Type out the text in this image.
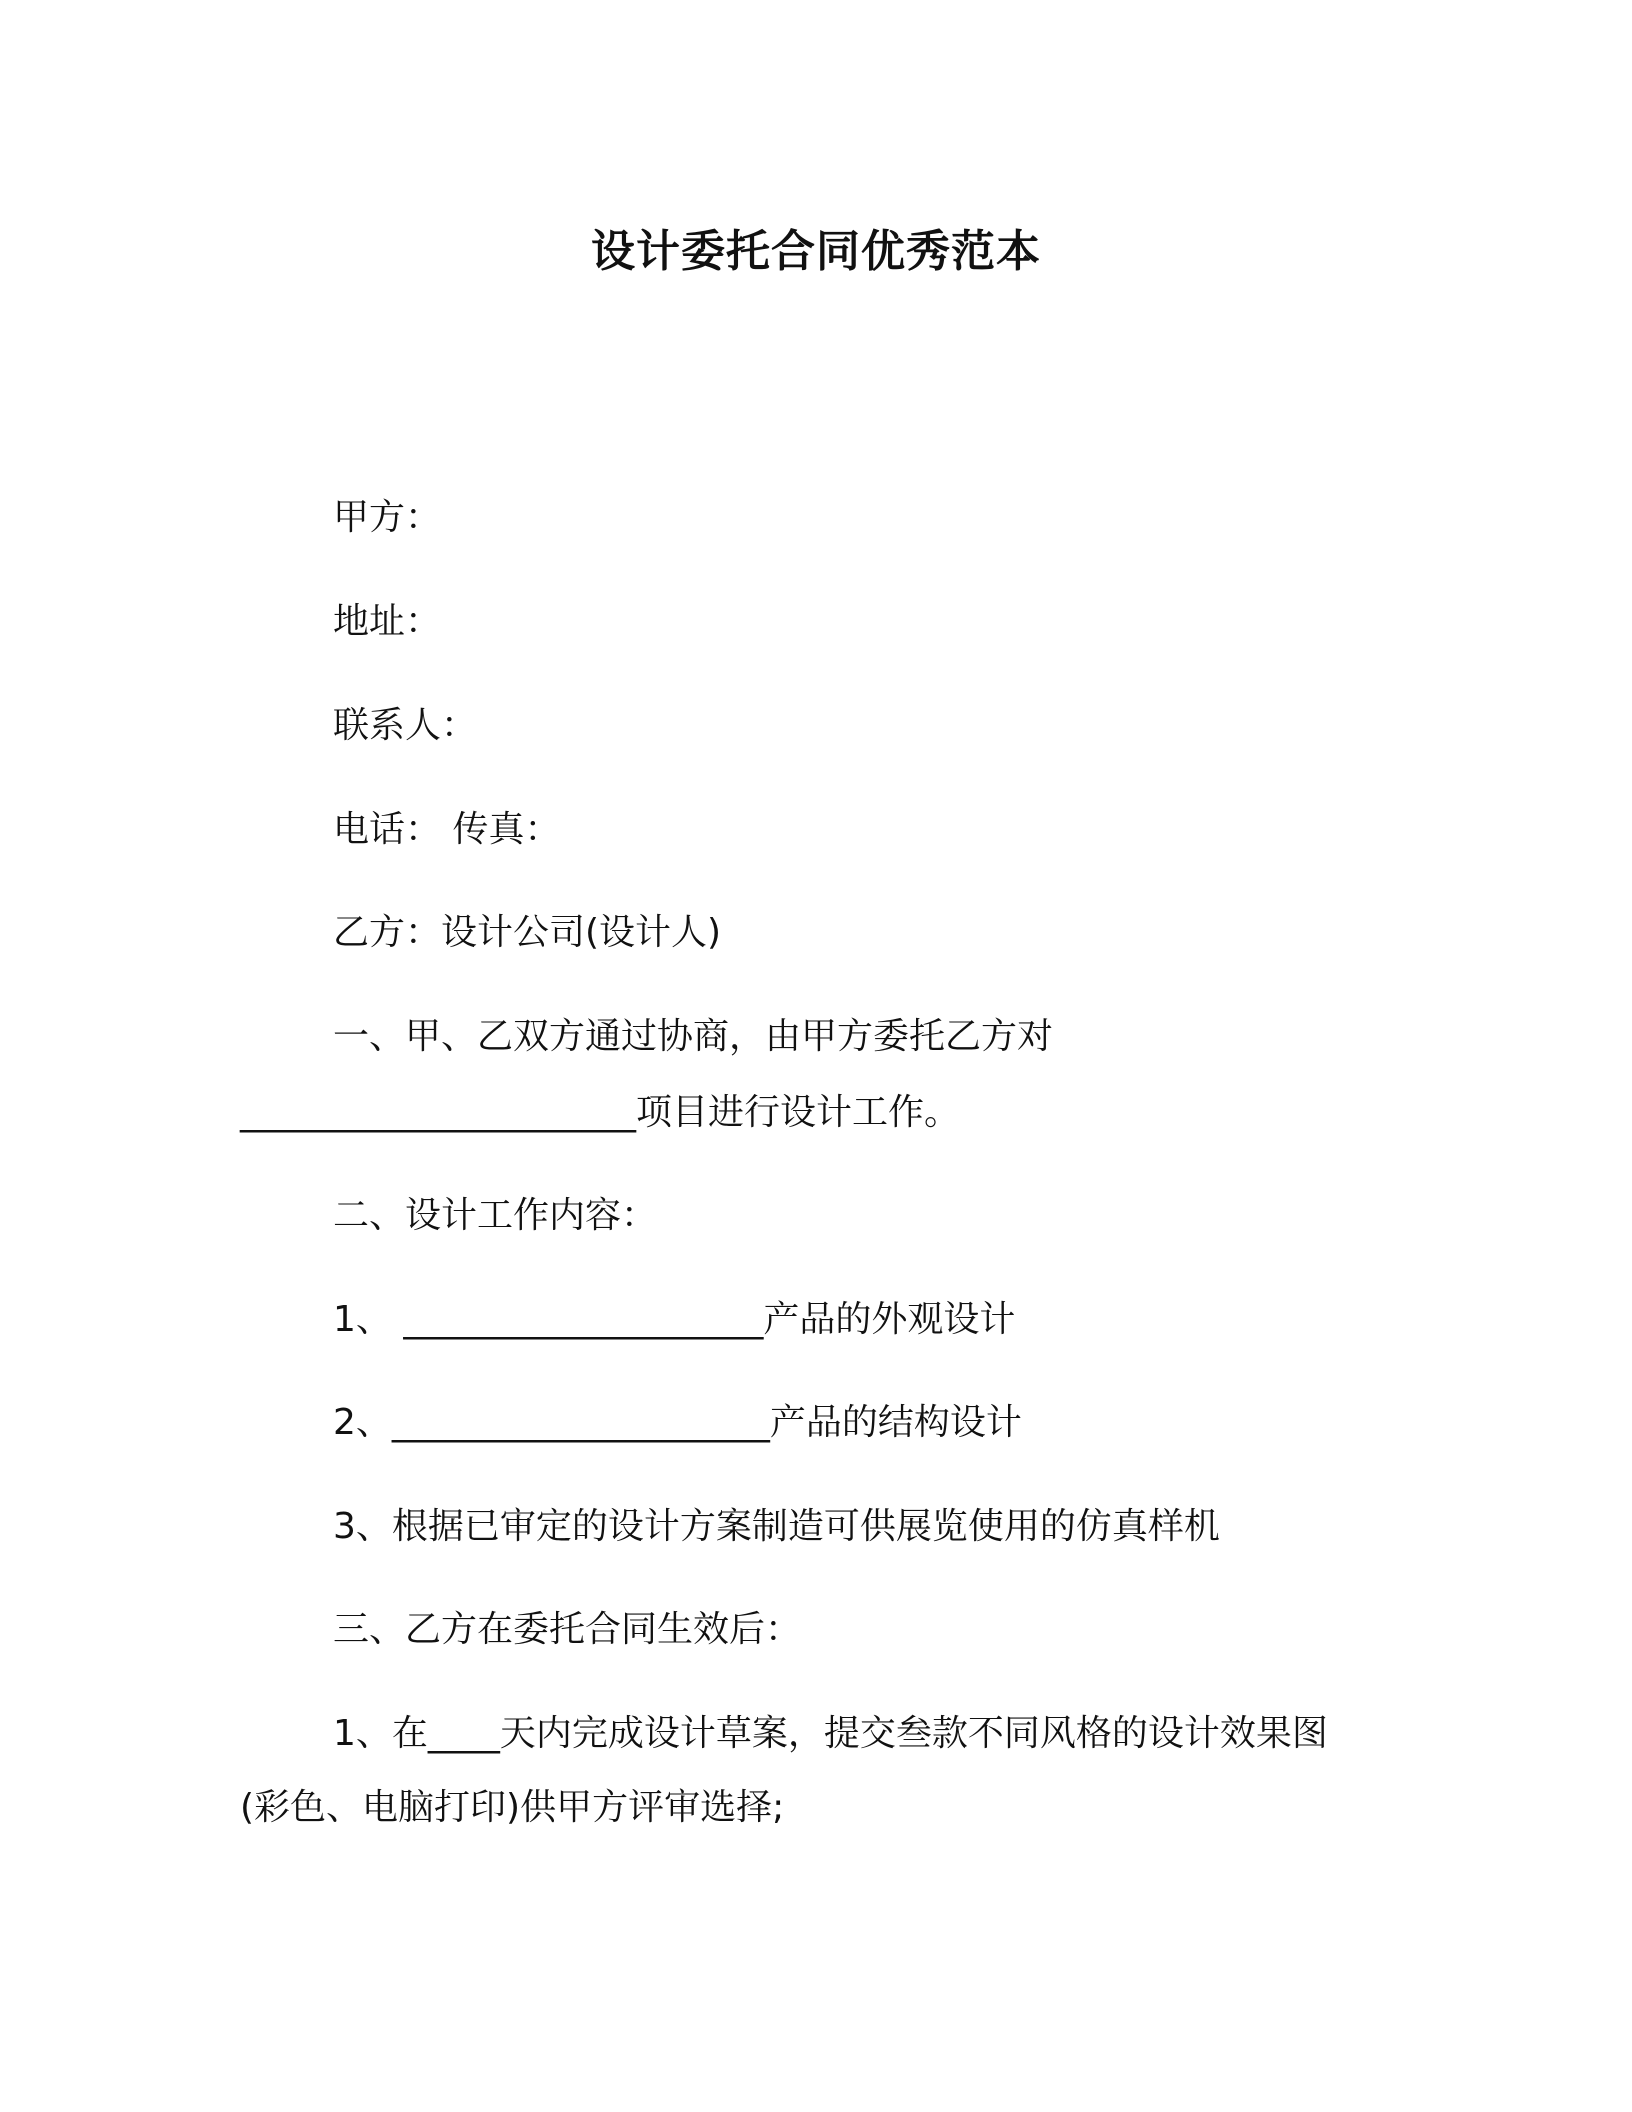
设计委托合同优秀范本
甲方：
地址：
联系人：
电话： 传真：
乙方：设计公司(设计人)
一、甲、乙双方通过协商，由甲方委托乙方对
______________________项目进行设计工作。
二、设计工作内容：
1、 ____________________产品的外观设计
2、_____________________产品的结构设计
3、根据已审定的设计方案制造可供展览使用的仿真样机
三、乙方在委托合同生效后：
1、在____天内完成设计草案，提交叁款不同风格的设计效果图
(彩色、电脑打印)供甲方评审选择;
